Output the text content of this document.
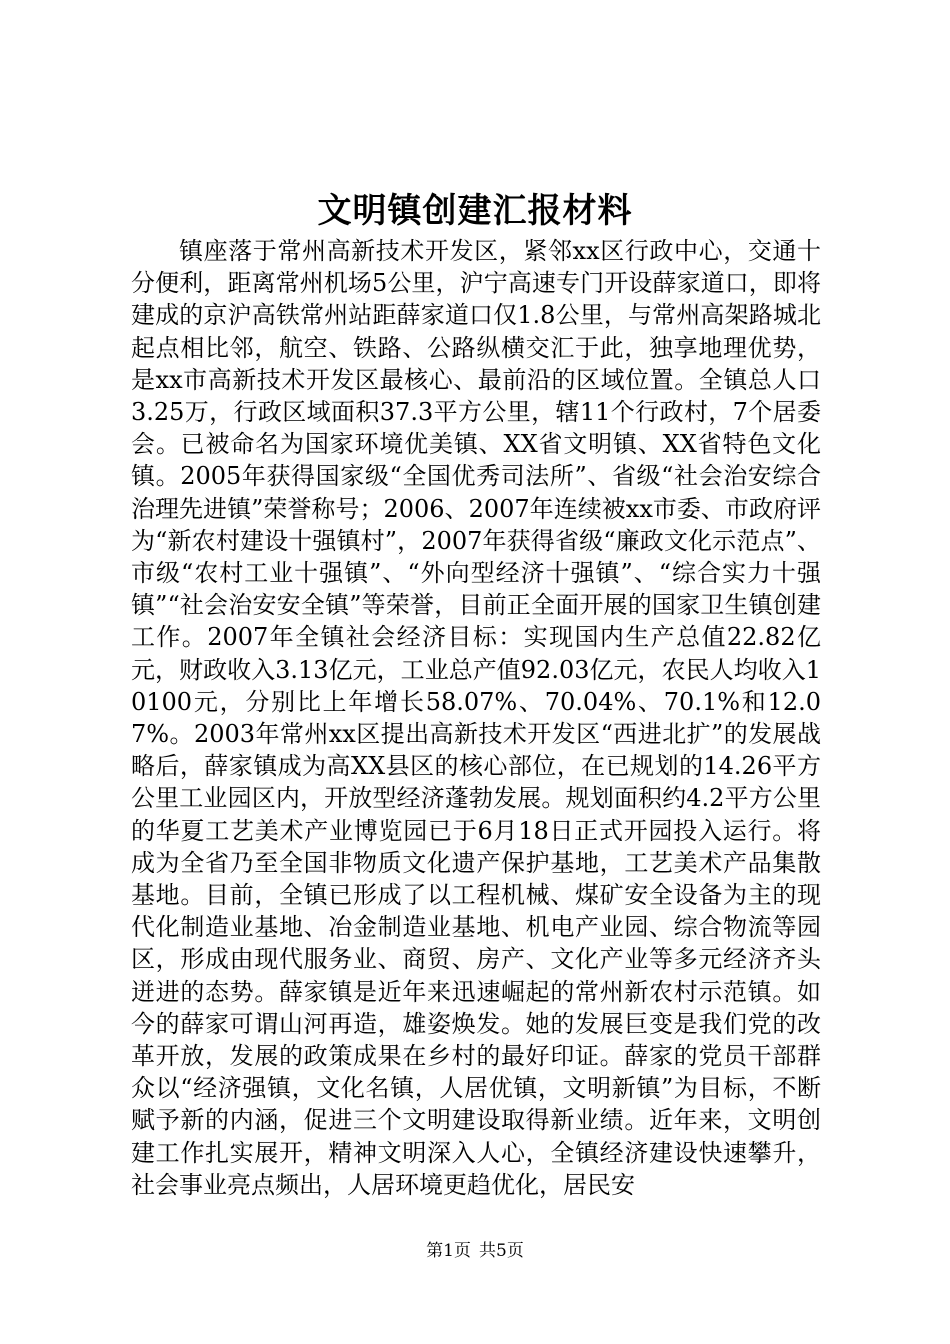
文明镇创建汇报材料

镇座落于常州高新技术开发区，紧邻xx区行政中心，交通十分便利，距离常州机场5公里，沪宁高速专门开设薛家道口，即将建成的京沪高铁常州站距薛家道口仅1.8公里，与常州高架路城北起点相比邻，航空、铁路、公路纵横交汇于此，独享地理优势，是xx市高新技术开发区最核心、最前沿的区域位置。全镇总人口3.25万，行政区域面积37.3平方公里，辖11个行政村，7个居委会。已被命名为国家环境优美镇、XX省文明镇、XX省特色文化镇。2005年获得国家级“全国优秀司法所”、省级“社会治安综合治理先进镇”荣誉称号；2006、2007年连续被xx市委、市政府评为“新农村建设十强镇村”，2007年获得省级“廉政文化示范点”、市级“农村工业十强镇”、“外向型经济十强镇”、“综合实力十强镇”“社会治安安全镇”等荣誉，目前正全面开展的国家卫生镇创建工作。2007年全镇社会经济目标：实现国内生产总值22.82亿元，财政收入3.13亿元，工业总产值92.03亿元，农民人均收入10100元，分别比上年增长58.07%、70.04%、70.1%和12.07%。2003年常州xx区提出高新技术开发区“西进北扩”的发展战略后，薛家镇成为高XX县区的核心部位，在已规划的14.26平方公里工业园区内，开放型经济蓬勃发展。规划面积约4.2平方公里的华夏工艺美术产业博览园已于6月18日正式开园投入运行。将成为全省乃至全国非物质文化遗产保护基地，工艺美术产品集散基地。目前，全镇已形成了以工程机械、煤矿安全设备为主的现代化制造业基地、冶金制造业基地、机电产业园、综合物流等园区，形成由现代服务业、商贸、房产、文化产业等多元经济齐头迸进的态势。薛家镇是近年来迅速崛起的常州新农村示范镇。如今的薛家可谓山河再造，雄姿焕发。她的发展巨变是我们党的改革开放，发展的政策成果在乡村的最好印证。薛家的党员干部群众以“经济强镇，文化名镇，人居优镇，文明新镇”为目标，不断赋予新的内涵，促进三个文明建设取得新业绩。近年来，文明创建工作扎实展开，精神文明深入人心，全镇经济建设快速攀升，社会事业亮点频出，人居环境更趋优化，居民安

第1页 共5页
